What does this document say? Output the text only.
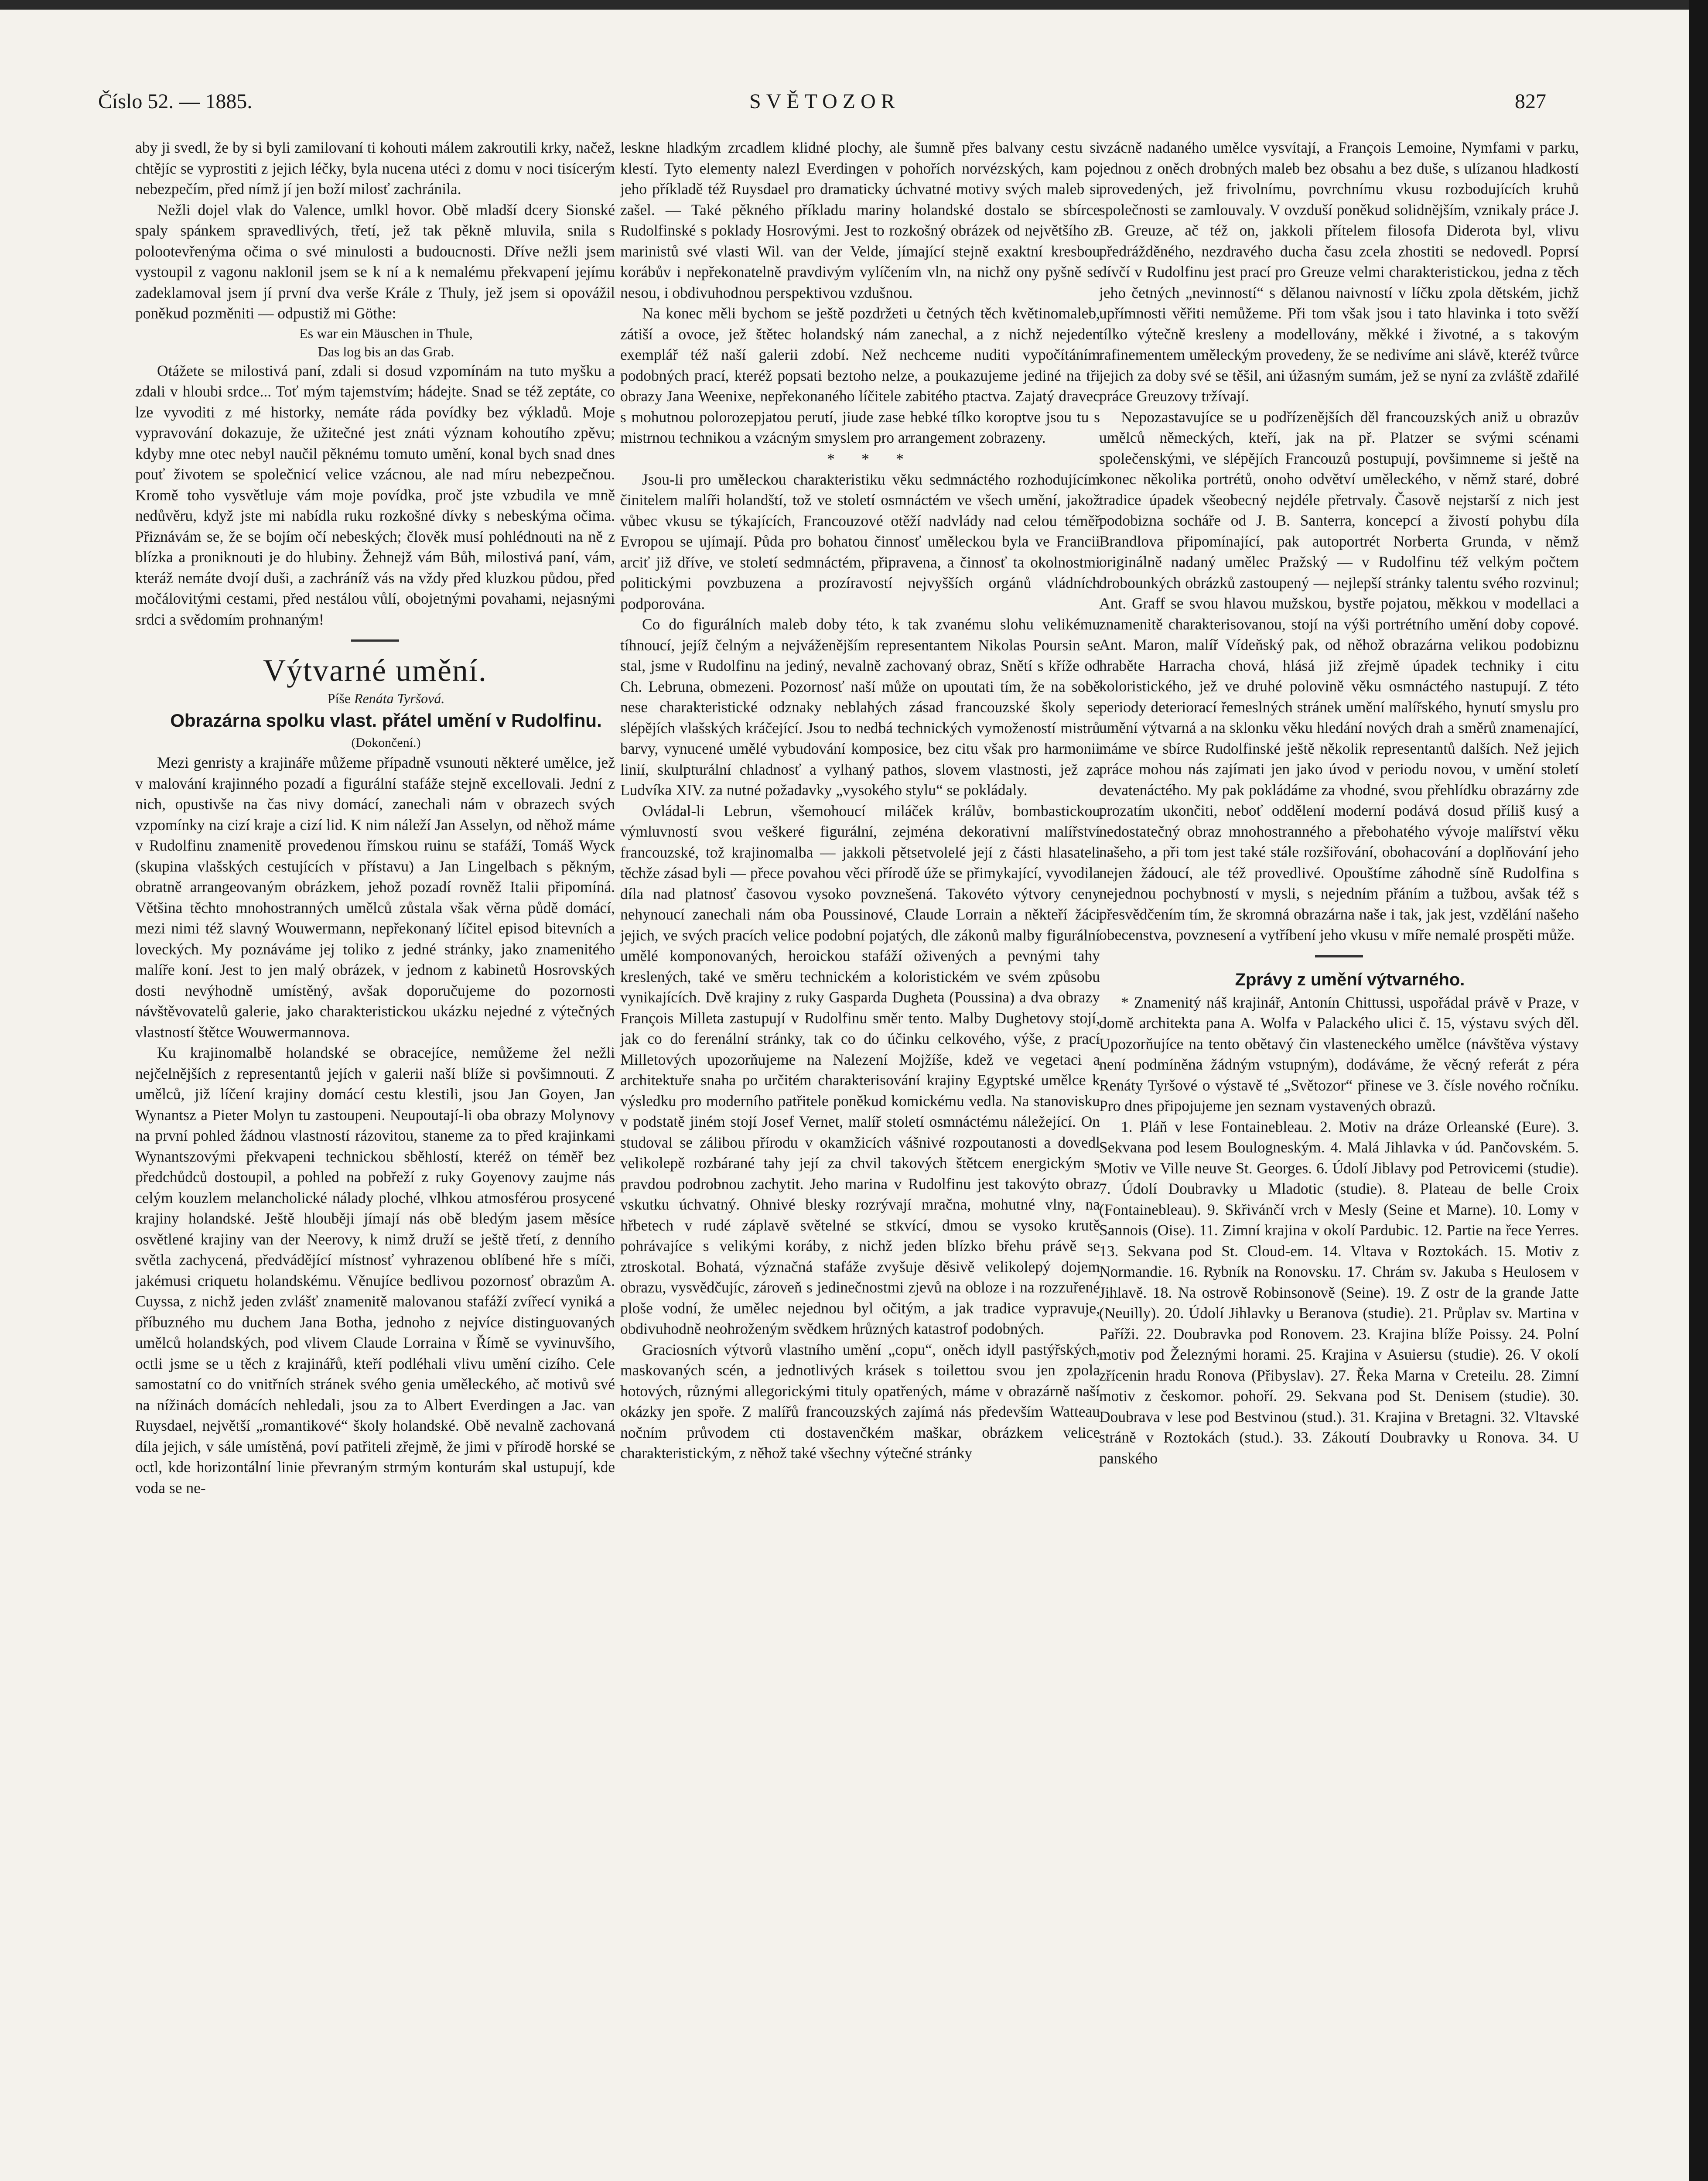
Číslo 52. — 1885.	SVĚTOZOR	827

aby ji svedl, že by si byli zamilovaní ti kohouti málem zakroutili krky, načež, chtějíc se vyprostiti z jejich léčky, byla nucena utéci z domu v noci tisícerým nebezpečím, před nímž jí jen boží milosť zachránila.

Nežli dojel vlak do Valence, umlkl hovor. Obě mladší dcery Sionské spaly spánkem spravedlivých, třetí, jež tak pěkně mluvila, snila s polootevřenýma očima o své minulosti a budoucnosti. Dříve nežli jsem vystoupil z vagonu naklonil jsem se k ní a k nemalému překvapení jejímu zadeklamoval jsem jí první dva verše Krále z Thuly, jež jsem si opovážil poněkud pozměniti — odpustiž mi Göthe:

Es war ein Mäuschen in Thule,

Das log bis an das Grab.

Otážete se milostivá paní, zdali si dosud vzpomínám na tuto myšku a zdali v hloubi srdce... Toť mým tajemstvím; hádejte. Snad se též zeptáte, co lze vyvoditi z mé historky, nemáte ráda povídky bez výkladů. Moje vypravování dokazuje, že užitečné jest znáti význam kohoutího zpěvu; kdyby mne otec nebyl naučil pěknému tomuto umění, konal bych snad dnes pouť životem se společnicí velice vzácnou, ale nad míru nebezpečnou. Kromě toho vysvětluje vám moje povídka, proč jste vzbudila ve mně nedůvěru, když jste mi nabídla ruku rozkošné dívky s nebeskýma očima. Přiznávám se, že se bojím očí nebeských; člověk musí pohlédnouti na ně z blízka a proniknouti je do hlubiny. Žehnejž vám Bůh, milostivá paní, vám, kteráž nemáte dvojí duši, a zachráníž vás na vždy před kluzkou půdou, před močálovitými cestami, před nestálou vůlí, obojetnými povahami, nejasnými srdci a svědomím prohnaným!

Výtvarné umění.

Píše Renáta Tyršová.

Obrazárna spolku vlast. přátel umění v Rudolfinu.

(Dokončení.)

Mezi genristy a krajináře můžeme případně vsunouti některé umělce, jež v malování krajinného pozadí a figurální stafáže stejně excellovali. Jední z nich, opustivše na čas nivy domácí, zanechali nám v obrazech svých vzpomínky na cizí kraje a cizí lid. K nim náleží Jan Asselyn, od něhož máme v Rudolfinu znamenitě provedenou římskou ruinu se stafáží, Tomáš Wyck (skupina vlašských cestujících v přístavu) a Jan Lingelbach s pěkným, obratně arrangeovaným obrázkem, jehož pozadí rovněž Italii připomíná. Většina těchto mnohostranných umělců zůstala však věrna půdě domácí, mezi nimi též slavný Wouwermann, nepřekonaný líčitel episod bitevních a loveckých. My poznáváme jej toliko z jedné stránky, jako znamenitého malíře koní. Jest to jen malý obrázek, v jednom z kabinetů Hosrovských dosti nevýhodně umístěný, avšak doporučujeme do pozornosti návštěvovatelů galerie, jako charakteristickou ukázku nejedné z výtečných vlastností štětce Wouwermannova.

Ku krajinomalbě holandské se obracejíce, nemůžeme žel nežli nejčelnějších z representantů jejích v galerii naší blíže si povšimnouti. Z umělců, již líčení krajiny domácí cestu klestili, jsou Jan Goyen, Jan Wynantsz a Pieter Molyn tu zastoupeni. Neupoutají-li oba obrazy Molynovy na první pohled žádnou vlastností rázovitou, staneme za to před krajinkami Wynantszovými překvapeni technickou sběhlostí, kteréž on téměř bez předchůdců dostoupil, a pohled na pobřeží z ruky Goyenovy zaujme nás celým kouzlem melancholické nálady ploché, vlhkou atmosférou prosycené krajiny holandské. Ještě hlouběji jímají nás obě bledým jasem měsíce osvětlené krajiny van der Neerovy, k nimž druží se ještě třetí, z denního světla zachycená, předvádějící místnosť vyhrazenou oblíbené hře s míči, jakémusi criquetu holandskému. Věnujíce bedlivou pozornosť obrazům A. Cuyssa, z nichž jeden zvlášť znamenitě malovanou stafáží zvířecí vyniká a příbuzného mu duchem Jana Botha, jednoho z nejvíce distinguovaných umělců holandských, pod vlivem Claude Lorraina v Římě se vyvinuvšího, octli jsme se u těch z krajinářů, kteří podléhali vlivu umění cizího. Cele samostatní co do vnitřních stránek svého genia uměleckého, ač motivů své na nížinách domácích nehledali, jsou za to Albert Everdingen a Jac. van Ruysdael, největší „romantikové“ školy holandské. Obě nevalně zachovaná díla jejich, v sále umístěná, poví patřiteli zřejmě, že jimi v přírodě horské se octl, kde horizontální linie převraným strmým konturám skal ustupují, kde voda se ne-

leskne hladkým zrcadlem klidné plochy, ale šumně přes balvany cestu si klestí. Tyto elementy nalezl Everdingen v pohořích norvézských, kam po jeho příkladě též Ruysdael pro dramaticky úchvatné motivy svých maleb si zašel. — Také pěkného příkladu mariny holandské dostalo se sbírce Rudolfinské s poklady Hosrovými. Jest to rozkošný obrázek od největšího z marinistů své vlasti Wil. van der Velde, jímající stejně exaktní kresbou korábův i nepřekonatelně pravdivým vylíčením vln, na nichž ony pyšně se nesou, i obdivuhodnou perspektivou vzdušnou.

Na konec měli bychom se ještě pozdržeti u četných těch květinomaleb, zátiší a ovoce, jež štětec holandský nám zanechal, a z nichž nejeden exemplář též naší galerii zdobí. Než nechceme nuditi vypočítáním podobných prací, kteréž popsati beztoho nelze, a poukazujeme jediné na tři obrazy Jana Weenixe, nepřekonaného líčitele zabitého ptactva. Zajatý dravec s mohutnou polorozepjatou perutí, jiude zase hebké tílko koroptve jsou tu s mistrnou technikou a vzácným smyslem pro arrangement zobrazeny.

* * *

Jsou-li pro uměleckou charakteristiku věku sedmnáctého rozhodujícím činitelem malíři holandští, tož ve století osmnáctém ve všech umění, jakož vůbec vkusu se týkajících, Francouzové otěží nadvlády nad celou téměř Evropou se ujímají. Půda pro bohatou činnosť uměleckou byla ve Francii arciť již dříve, ve století sedmnáctém, připravena, a činnosť ta okolnostmi politickými povzbuzena a prozíravostí nejvyšších orgánů vládních podporována.

Co do figurálních maleb doby této, k tak zvanému slohu velikému tíhnoucí, jejíž čelným a nejváženějším representantem Nikolas Poursin se stal, jsme v Rudolfinu na jediný, nevalně zachovaný obraz, Snětí s kříže od Ch. Lebruna, obmezeni. Pozornosť naší může on upoutati tím, že na sobě nese charakteristické odznaky neblahých zásad francouzské školy se slépějích vlašských kráčející. Jsou to nedbá technických vymožeností mistrů barvy, vynucené umělé vybudování komposice, bez citu však pro harmonii linií, skulpturální chladnosť a vylhaný pathos, slovem vlastnosti, jež za Ludvíka XIV. za nutné požadavky „vysokého stylu“ se pokládaly.

Ovládal-li Lebrun, všemohoucí miláček králův, bombastickou výmluvností svou veškeré figurální, zejména dekorativní malířství francouzské, tož krajinomalba — jakkoli pětsetvolelé její z části hlasateli těchže zásad byli — přece povahou věci přírodě úže se přimykající, vyvodila díla nad platnosť časovou vysoko povznešená. Takovéto výtvory ceny nehynoucí zanechali nám oba Poussinové, Claude Lorrain a někteří žáci jejich, ve svých pracích velice podobní pojatých, dle zákonů malby figurální umělé komponovaných, heroickou stafáží oživených a pevnými tahy kreslených, také ve směru technickém a koloristickém ve svém způsobu vynikajících. Dvě krajiny z ruky Gasparda Dugheta (Poussina) a dva obrazy François Milleta zastupují v Rudolfinu směr tento. Malby Dughetovy stojí, jak co do ferenální stránky, tak co do účinku celkového, výše, z prací Milletových upozorňujeme na Nalezení Mojžíše, kdež ve vegetaci a architektuře snaha po určitém charakterisování krajiny Egyptské umělce k výsledku pro moderního patřitele poněkud komickému vedla. Na stanovisku v podstatě jiném stojí Josef Vernet, malíř století osmnáctému náležející. On studoval se zálibou přírodu v okamžicích vášnivé rozpoutanosti a dovedl velikolepě rozbárané tahy její za chvil takových štětcem energickým s pravdou podrobnou zachytit. Jeho marina v Rudolfinu jest takovýto obraz vskutku úchvatný. Ohnivé blesky rozrývají mračna, mohutné vlny, na hřbetech v rudé záplavě světelné se stkvící, dmou se vysoko krutě pohrávajíce s velikými koráby, z nichž jeden blízko břehu právě se ztroskotal. Bohatá, význačná stafáže zvyšuje děsivě velikolepý dojem obrazu, vysvědčujíc, zároveň s jedinečnostmi zjevů na obloze i na rozzuřené ploše vodní, že umělec nejednou byl očitým, a jak tradice vypravuje, obdivuhodně neohroženým svědkem hrůzných katastrof podobných.

Graciosních výtvorů vlastního umění „copu“, oněch idyll pastýřských, maskovaných scén, a jednotlivých krásek s toilettou svou jen zpola hotových, různými allegorickými tituly opatřených, máme v obrazárně naší okázky jen spoře. Z malířů francouzských zajímá nás především Watteau nočním průvodem cti dostavenčkém maškar, obrázkem velice charakteristickým, z něhož také všechny výtečné stránky

vzácně nadaného umělce vysvítají, a François Lemoine, Nymfami v parku, jednou z oněch drobných maleb bez obsahu a bez duše, s ulízanou hladkostí provedených, jež frivolnímu, povrchnímu vkusu rozbodujících kruhů společnosti se zamlouvaly. V ovzduší poněkud solidnějším, vznikaly práce J. B. Greuze, ač též on, jakkoli přítelem filosofa Diderota byl, vlivu předrážděného, nezdravého ducha času zcela zhostiti se nedovedl. Poprsí dívčí v Rudolfinu jest prací pro Greuze velmi charakteristickou, jedna z těch jeho četných „nevinností“ s dělanou naivností v líčku zpola dětském, jichž upřímnosti věřiti nemůžeme. Při tom však jsou i tato hlavinka i toto svěží tílko výtečně kresleny a modellovány, měkké i životné, a s takovým rafinementem uměleckým provedeny, že se nedivíme ani slávě, kteréž tvůrce jejich za doby své se těšil, ani úžasným sumám, jež se nyní za zvláště zdařilé práce Greuzovy tržívají.

Nepozastavujíce se u podřízenějších děl francouzských aniž u obrazův umělců německých, kteří, jak na př. Platzer se svými scénami společenskými, ve slépějích Francouzů postupují, povšimneme si ještě na konec několika portrétů, onoho odvětví uměleckého, v němž staré, dobré tradice úpadek všeobecný nejdéle přetrvaly. Časově nejstarší z nich jest podobizna socháře od J. B. Santerra, koncepcí a živostí pohybu díla Brandlova připomínající, pak autoportrét Norberta Grunda, v němž originálně nadaný umělec Pražský — v Rudolfinu též velkým počtem drobounkých obrázků zastoupený — nejlepší stránky talentu svého rozvinul; Ant. Graff se svou hlavou mužskou, bystře pojatou, měkkou v modellaci a znamenitě charakterisovanou, stojí na výši portrétního umění doby copové. Ant. Maron, malíř Vídeňský pak, od něhož obrazárna velikou podobiznu hraběte Harracha chová, hlásá již zřejmě úpadek techniky i citu koloristického, jež ve druhé polovině věku osmnáctého nastupují. Z této periody deteriorací řemeslných stránek umění malířského, hynutí smyslu pro umění výtvarná a na sklonku věku hledání nových drah a směrů znamenající, máme ve sbírce Rudolfinské ještě několik representantů dalších. Než jejich práce mohou nás zajímati jen jako úvod v periodu novou, v umění století devatenáctého. My pak pokládáme za vhodné, svou přehlídku obrazárny zde prozatím ukončiti, neboť oddělení moderní podává dosud příliš kusý a nedostatečný obraz mnohostranného a přebohatého vývoje malířství věku našeho, a při tom jest také stále rozšiřování, obohacování a doplňování jeho nejen žádoucí, ale též provedlivé. Opouštíme záhodně síně Rudolfina s nejednou pochybností v mysli, s nejedním přáním a tužbou, avšak též s přesvědčením tím, že skromná obrazárna naše i tak, jak jest, vzdělání našeho obecenstva, povznesení a vytříbení jeho vkusu v míře nemalé prospěti může.

Zprávy z umění výtvarného.

* Znamenitý náš krajinář, Antonín Chittussi, uspořádal právě v Praze, v domě architekta pana A. Wolfa v Palackého ulici č. 15, výstavu svých děl. Upozorňujíce na tento obětavý čin vlasteneckého umělce (návštěva výstavy není podmíněna žádným vstupným), dodáváme, že věcný referát z péra Renáty Tyršové o výstavě té „Světozor“ přinese ve 3. čísle nového ročníku. Pro dnes připojujeme jen seznam vystavených obrazů.

1. Pláň v lese Fontainebleau. 2. Motiv na dráze Orleanské (Eure). 3. Sekvana pod lesem Boulogneským. 4. Malá Jihlavka v úd. Pančovském. 5. Motiv ve Ville neuve St. Georges. 6. Údolí Jiblavy pod Petrovicemi (studie). 7. Údolí Doubravky u Mladotic (studie). 8. Plateau de belle Croix (Fontainebleau). 9. Skřivánčí vrch v Mesly (Seine et Marne). 10. Lomy v Sannois (Oise). 11. Zimní krajina v okolí Pardubic. 12. Partie na řece Yerres. 13. Sekvana pod St. Cloud-em. 14. Vltava v Roztokách. 15. Motiv z Normandie. 16. Rybník na Ronovsku. 17. Chrám sv. Jakuba s Heulosem v Jihlavě. 18. Na ostrově Robinsonově (Seine). 19. Z ostr de la grande Jatte (Neuilly). 20. Údolí Jihlavky u Beranova (studie). 21. Průplav sv. Martina v Paříži. 22. Doubravka pod Ronovem. 23. Krajina blíže Poissy. 24. Polní motiv pod Železnými horami. 25. Krajina v Asuiersu (studie). 26. V okolí zřícenin hradu Ronova (Přibyslav). 27. Řeka Marna v Creteilu. 28. Zimní motiv z českomor. pohoří. 29. Sekvana pod St. Denisem (studie). 30. Doubrava v lese pod Bestvinou (stud.). 31. Krajina v Bretagni. 32. Vltavské stráně v Roztokách (stud.). 33. Zákoutí Doubravky u Ronova. 34. U panského
